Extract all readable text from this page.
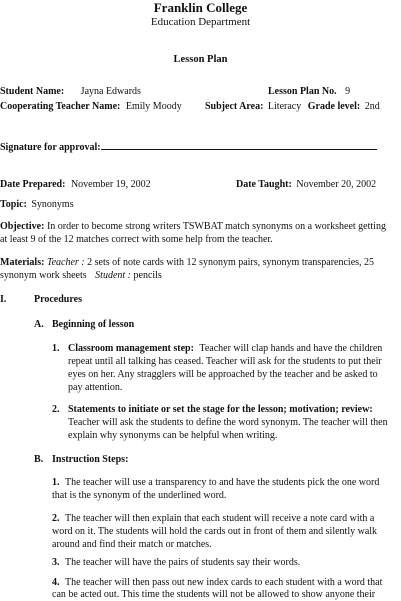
Franklin College
Education Department
Lesson Plan
Student Name: Jayna Edwards	Lesson Plan No. 9
Cooperating Teacher Name: Emily Moody Subject Area: Literacy Grade level: 2nd
Signature for approval:
Date Prepared: November 19, 2002	Date Taught: November 20, 2002
Topic: Synonyms
Objective: In order to become strong writers TSWBAT match synonyms on a worksheet getting
at least 9 of the 12 matches correct with some help from the teacher.
Materials: Teacher : 2 sets of note cards with 12 synonym pairs, synonym transparencies, 25
synonym work sheets Student : pencils
I.	Procedures
A. Beginning of lesson
1. Classroom management step: Teacher will clap hands and have the children
repeat until all talking has ceased. Teacher will ask for the students to put their
eyes on her. Any stragglers will be approached by the teacher and be asked to
pay attention.
2. Statements to initiate or set the stage for the lesson; motivation; review:
Teacher will ask the students to define the word synonym. The teacher will then
explain why synonyms can be helpful when writing.
B. Instruction Steps:
1. The teacher will use a transparency to and have the students pick the one word
that is the synonym of the underlined word.
2. The teacher will then explain that each student will receive a note card with a
word on it. The students will hold the cards out in front of them and silently walk
around and find their match or matches.
3. The teacher will have the pairs of students say their words.
4. The teacher will then pass out new index cards to each student with a word that
can be acted out. This time the students will not be allowed to show anyone their
